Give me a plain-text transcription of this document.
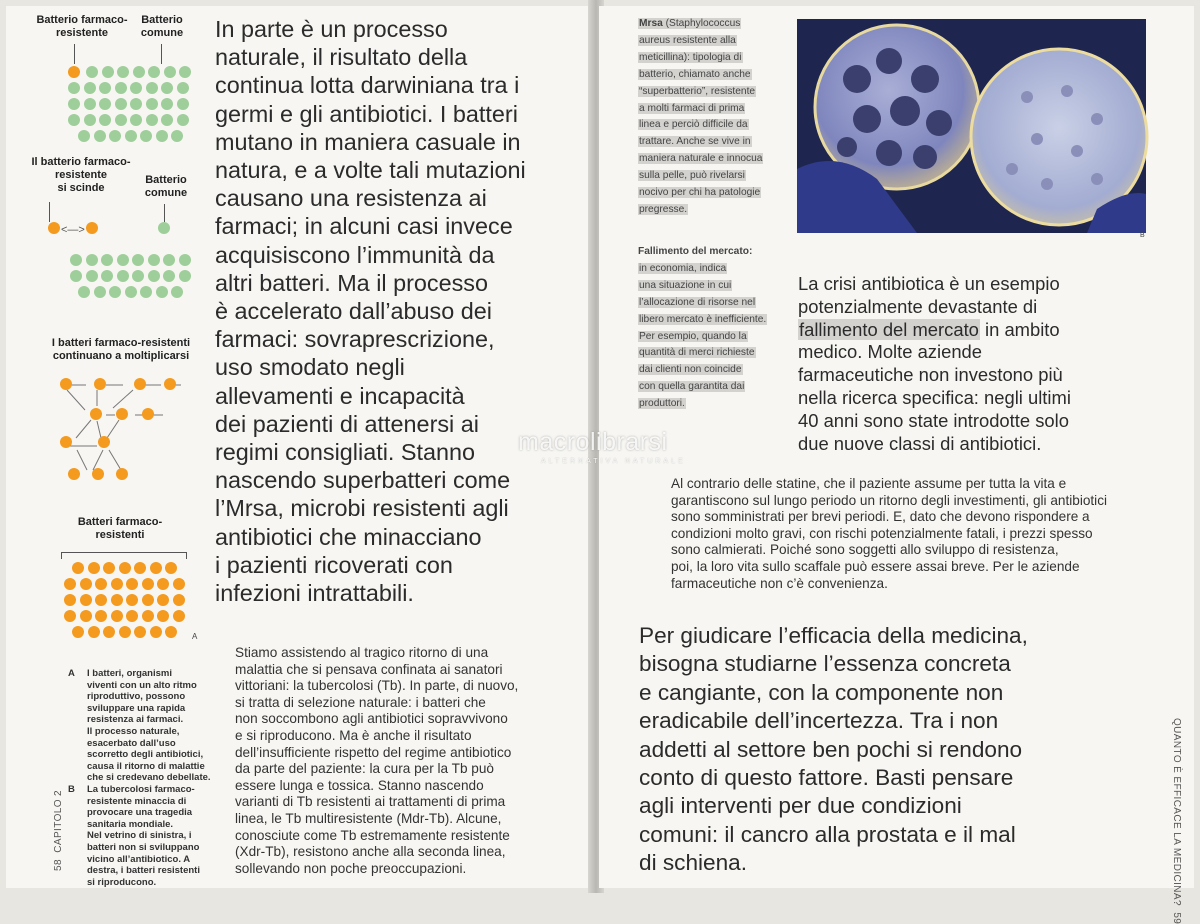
Batterio farmaco-
resistente
Batterio
comune
Il batterio farmaco-
resistente
si scinde
Batterio
comune
I batteri farmaco-resistenti
continuano a moltiplicarsi
Batteri farmaco-
resistenti
<—>
A
In parte è un processo
naturale, il risultato della
continua lotta darwiniana tra i
germi e gli antibiotici. I batteri
mutano in maniera casuale in
natura, e a volte tali mutazioni
causano una resistenza ai
farmaci; in alcuni casi invece
acquisiscono l’immunità da
altri batteri. Ma il processo
è accelerato dall’abuso dei
farmaci: sovraprescrizione,
uso smodato negli
allevamenti e incapacità
dei pazienti di attenersi ai
regimi consigliati. Stanno
nascendo superbatteri come
l’Mrsa, microbi resistenti agli
antibiotici che minacciano
i pazienti ricoverati con
infezioni intrattabili.
Stiamo assistendo al tragico ritorno di una
malattia che si pensava confinata ai sanatori
vittoriani: la tubercolosi (Tb). In parte, di nuovo,
si tratta di selezione naturale: i batteri che
non soccombono agli antibiotici sopravvivono
e si riproducono. Ma è anche il risultato
dell’insufficiente rispetto del regime antibiotico
da parte del paziente: la cura per la Tb può
essere lunga e tossica. Stanno nascendo
varianti di Tb resistenti ai trattamenti di prima
linea, le Tb multiresistente (Mdr-Tb). Alcune,
conosciute come Tb estremamente resistente
(Xdr-Tb), resistono anche alla seconda linea,
sollevando non poche preoccupazioni.
A	I batteri, organismi
viventi con un alto ritmo
riproduttivo, possono
sviluppare una rapida
resistenza ai farmaci.
Il processo naturale,
esacerbato dall’uso
scorretto degli antibiotici,
causa il ritorno di malattie
che si credevano debellate.
B	La tubercolosi farmaco-
resistente minaccia di
provocare una tragedia
sanitaria mondiale.
Nel vetrino di sinistra, i
batteri non si sviluppano
vicino all’antibiotico. A
destra, i batteri resistenti
si riproducono.
58  CAPITOLO 2
Mrsa (Staphylococcus
aureus resistente alla
meticillina): tipologia di
batterio, chiamato anche
“superbatterio”, resistente
a molti farmaci di prima
linea e perciò difficile da
trattare. Anche se vive in
maniera naturale e innocua
sulla pelle, può rivelarsi
nocivo per chi ha patologie
pregresse.
Fallimento del mercato:
in economia, indica
una situazione in cui
l’allocazione di risorse nel
libero mercato è inefficiente.
Per esempio, quando la
quantità di merci richieste
dai clienti non coincide
con quella garantita dai
produttori.
B
La crisi antibiotica è un esempio
potenzialmente devastante di
fallimento del mercato in ambito
medico. Molte aziende
farmaceutiche non investono più
nella ricerca specifica: negli ultimi
40 anni sono state introdotte solo
due nuove classi di antibiotici.
Al contrario delle statine, che il paziente assume per tutta la vita e
garantiscono sul lungo periodo un ritorno degli investimenti, gli antibiotici
sono somministrati per brevi periodi. E, dato che devono rispondere a
condizioni molto gravi, con rischi potenzialmente fatali, i prezzi spesso
sono calmierati. Poiché sono soggetti allo sviluppo di resistenza,
poi, la loro vita sullo scaffale può essere assai breve. Per le aziende
farmaceutiche non c’è convenienza.
Per giudicare l’efficacia della medicina,
bisogna studiarne l’essenza concreta
e cangiante, con la componente non
eradicabile dell’incertezza. Tra i non
addetti al settore ben pochi si rendono
conto di questo fattore. Basti pensare
agli interventi per due condizioni
comuni: il cancro alla prostata e il mal
di schiena.	QUANTO È EFFICACE LA MEDICINA?  59
macrolibrarsi
ALTERNATIVA NATURALE
